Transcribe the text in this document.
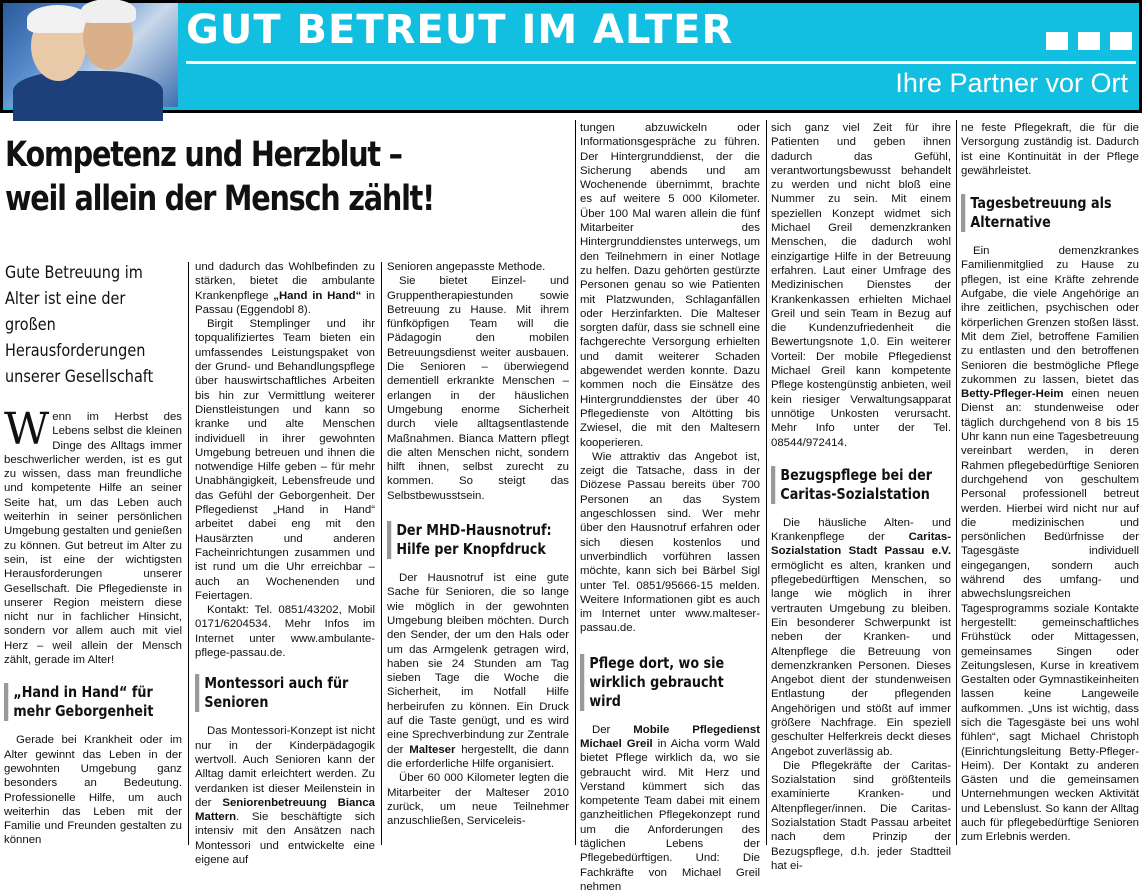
GUT BETREUT IM ALTER
Ihre Partner vor Ort
Kompetenz und Herzblut –
weil allein der Mensch zählt!
Gute Betreuung im Alter ist eine der großen Herausforderungen unserer Gesellschaft

Wenn im Herbst des Lebens selbst die kleinen Dinge des Alltags immer beschwerlicher werden, ist es gut zu wissen, dass man freundliche und kompetente Hilfe an seiner Seite hat, um das Leben auch weiterhin in seiner persönlichen Umgebung gestalten und genießen zu können. Gut betreut im Alter zu sein, ist eine der wichtigsten Herausforderungen unserer Gesellschaft. Die Pflegedienste in unserer Region meistern diese nicht nur in fachlicher Hinsicht, sondern vor allem auch mit viel Herz – weil allein der Mensch zählt, gerade im Alter!

„Hand in Hand“ für mehr Geborgenheit

Gerade bei Krankheit oder im Alter gewinnt das Leben in der gewohnten Umgebung ganz besonders an Bedeutung. Professionelle Hilfe, um auch weiterhin das Leben mit der Familie und Freunden gestalten zu können

und dadurch das Wohlbefinden zu stärken, bietet die ambulante Krankenpflege „Hand in Hand“ in Passau (Eggendobl 8).

Birgit Stemplinger und ihr topqualifiziertes Team bieten ein umfassendes Leistungspaket von der Grund- und Behandlungspflege über hauswirtschaftliches Arbeiten bis hin zur Vermittlung weiterer Dienstleistungen und kann so kranke und alte Menschen individuell in ihrer gewohnten Umgebung betreuen und ihnen die notwendige Hilfe geben – für mehr Unabhängigkeit, Lebensfreude und das Gefühl der Geborgenheit. Der Pflegedienst „Hand in Hand“ arbeitet dabei eng mit den Hausärzten und anderen Facheinrichtungen zusammen und ist rund um die Uhr erreichbar – auch an Wochenenden und Feiertagen.

Kontakt: Tel. 0851/43202, Mobil 0171/6204534. Mehr Infos im Internet unter www.ambulante-pflege-passau.de.

Montessori auch für Senioren

Das Montessori-Konzept ist nicht nur in der Kinderpädagogik wertvoll. Auch Senioren kann der Alltag damit erleichtert werden. Zu verdanken ist dieser Meilenstein in der Seniorenbetreuung Bianca Mattern. Sie beschäftigte sich intensiv mit den Ansätzen nach Montessori und entwickelte eine eigene auf

Senioren angepasste Methode.

Sie bietet Einzel- und Gruppentherapiestunden sowie Betreuung zu Hause. Mit ihrem fünfköpfigen Team will die Pädagogin den mobilen Betreuungsdienst weiter ausbauen. Die Senioren – überwiegend dementiell erkrankte Menschen – erlangen in der häuslichen Umgebung enorme Sicherheit durch viele alltagsentlastende Maßnahmen. Bianca Mattern pflegt die alten Menschen nicht, sondern hilft ihnen, selbst zurecht zu kommen. So steigt das Selbstbewusstsein.

Der MHD-Hausnotruf: Hilfe per Knopfdruck

Der Hausnotruf ist eine gute Sache für Senioren, die so lange wie möglich in der gewohnten Umgebung bleiben möchten. Durch den Sender, der um den Hals oder um das Armgelenk getragen wird, haben sie 24 Stunden am Tag sieben Tage die Woche die Sicherheit, im Notfall Hilfe herbeirufen zu können. Ein Druck auf die Taste genügt, und es wird eine Sprechverbindung zur Zentrale der Malteser hergestellt, die dann die erforderliche Hilfe organisiert.

Über 60 000 Kilometer legten die Mitarbeiter der Malteser 2010 zurück, um neue Teilnehmer anzuschließen, Serviceleis-

tungen abzuwickeln oder Informationsgespräche zu führen. Der Hintergrunddienst, der die Sicherung abends und am Wochenende übernimmt, brachte es auf weitere 5 000 Kilometer. Über 100 Mal waren allein die fünf Mitarbeiter des Hintergrunddienstes unterwegs, um den Teilnehmern in einer Notlage zu helfen. Dazu gehörten gestürzte Personen genau so wie Patienten mit Platzwunden, Schlaganfällen oder Herzinfarkten. Die Malteser sorgten dafür, dass sie schnell eine fachgerechte Versorgung erhielten und damit weiterer Schaden abgewendet werden konnte. Dazu kommen noch die Einsätze des Hintergrunddienstes der über 40 Pflegedienste von Altötting bis Zwiesel, die mit den Maltesern kooperieren.

Wie attraktiv das Angebot ist, zeigt die Tatsache, dass in der Diözese Passau bereits über 700 Personen an das System angeschlossen sind. Wer mehr über den Hausnotruf erfahren oder sich diesen kostenlos und unverbindlich vorführen lassen möchte, kann sich bei Bärbel Sigl unter Tel. 0851/95666-15 melden. Weitere Informationen gibt es auch im Internet unter www.malteser-passau.de.

Pflege dort, wo sie wirklich gebraucht wird

Der Mobile Pflegedienst Michael Greil in Aicha vorm Wald bietet Pflege wirklich da, wo sie gebraucht wird. Mit Herz und Verstand kümmert sich das kompetente Team dabei mit einem ganzheitlichen Pflegekonzept rund um die Anforderungen des täglichen Lebens der Pflegebedürftigen. Und: Die Fachkräfte von Michael Greil nehmen

sich ganz viel Zeit für ihre Patienten und geben ihnen dadurch das Gefühl, verantwortungsbewusst behandelt zu werden und nicht bloß eine Nummer zu sein. Mit einem speziellen Konzept widmet sich Michael Greil demenzkranken Menschen, die dadurch wohl einzigartige Hilfe in der Betreuung erfahren. Laut einer Umfrage des Medizinischen Dienstes der Krankenkassen erhielten Michael Greil und sein Team in Bezug auf die Kundenzufriedenheit die Bewertungsnote 1,0. Ein weiterer Vorteil: Der mobile Pflegedienst Michael Greil kann kompetente Pflege kostengünstig anbieten, weil kein riesiger Verwaltungsapparat unnötige Unkosten verursacht. Mehr Info unter der Tel. 08544/972414.

Bezugspflege bei der Caritas-Sozialstation

Die häusliche Alten- und Krankenpflege der Caritas-Sozialstation Stadt Passau e.V. ermöglicht es alten, kranken und pflegebedürftigen Menschen, so lange wie möglich in ihrer vertrauten Umgebung zu bleiben. Ein besonderer Schwerpunkt ist neben der Kranken- und Altenpflege die Betreuung von demenzkranken Personen. Dieses Angebot dient der stundenweisen Entlastung der pflegenden Angehörigen und stößt auf immer größere Nachfrage. Ein speziell geschulter Helferkreis deckt dieses Angebot zuverlässig ab.

Die Pflegekräfte der Caritas-Sozialstation sind größtenteils examinierte Kranken- und Altenpfleger/innen. Die Caritas-Sozialstation Stadt Passau arbeitet nach dem Prinzip der Bezugspflege, d.h. jeder Stadtteil hat ei-

ne feste Pflegekraft, die für die Versorgung zuständig ist. Dadurch ist eine Kontinuität in der Pflege gewährleistet.

Tagesbetreuung als Alternative

Ein demenzkrankes Familienmitglied zu Hause zu pflegen, ist eine Kräfte zehrende Aufgabe, die viele Angehörige an ihre zeitlichen, psychischen oder körperlichen Grenzen stoßen lässt. Mit dem Ziel, betroffene Familien zu entlasten und den betroffenen Senioren die bestmögliche Pflege zukommen zu lassen, bietet das Betty-Pfleger-Heim einen neuen Dienst an: stundenweise oder täglich durchgehend von 8 bis 15 Uhr kann nun eine Tagesbetreuung vereinbart werden, in deren Rahmen pflegebedürftige Senioren durchgehend von geschultem Personal professionell betreut werden. Hierbei wird nicht nur auf die medizinischen und persönlichen Bedürfnisse der Tagesgäste individuell eingegangen, sondern auch während des umfang- und abwechslungsreichen Tagesprogramms soziale Kontakte hergestellt: gemeinschaftliches Frühstück oder Mittagessen, gemeinsames Singen oder Zeitungslesen, Kurse in kreativem Gestalten oder Gymnastikeinheiten lassen keine Langeweile aufkommen. „Uns ist wichtig, dass sich die Tagesgäste bei uns wohl fühlen“, sagt Michael Christoph (Einrichtungsleitung Betty-Pfleger-Heim). Der Kontakt zu anderen Gästen und die gemeinsamen Unternehmungen wecken Aktivität und Lebenslust. So kann der Alltag auch für pflegebedürftige Senioren zum Erlebnis werden.
